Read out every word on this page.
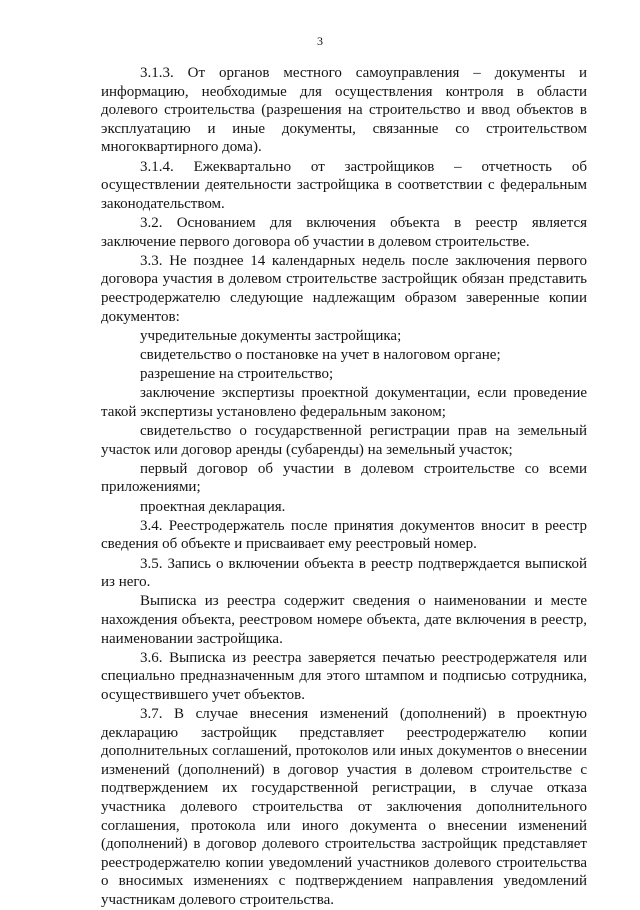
3

3.1.3. От органов местного самоуправления – документы и информацию, необходимые для осуществления контроля в области долевого строительства (разрешения на строительство и ввод объектов в эксплуатацию и иные документы, связанные со строительством многоквартирного дома).

3.1.4. Ежеквартально от застройщиков – отчетность об осуществлении деятельности застройщика в соответствии с федеральным законодательством.

3.2. Основанием для включения объекта в реестр является заключение первого договора об участии в долевом строительстве.

3.3. Не позднее 14 календарных недель после заключения первого договора участия в долевом строительстве застройщик обязан представить реестродержателю следующие надлежащим образом заверенные копии документов:

учредительные документы застройщика;

свидетельство о постановке на учет в налоговом органе;

разрешение на строительство;

заключение экспертизы проектной документации, если проведение такой экспертизы установлено федеральным законом;

свидетельство о государственной регистрации прав на земельный участок или договор аренды (субаренды) на земельный участок;

первый договор об участии в долевом строительстве со всеми приложениями;

проектная декларация.

3.4. Реестродержатель после принятия документов вносит в реестр сведения об объекте и присваивает ему реестровый номер.

3.5. Запись о включении объекта в реестр подтверждается выпиской из него.

Выписка из реестра содержит сведения о наименовании и месте нахождения объекта, реестровом номере объекта, дате включения в реестр, наименовании застройщика.

3.6. Выписка из реестра заверяется печатью реестродержателя или специально предназначенным для этого штампом и подписью сотрудника, осуществившего учет объектов.

3.7. В случае внесения изменений (дополнений) в проектную декларацию застройщик представляет реестродержателю копии дополнительных соглашений, протоколов или иных документов о внесении изменений (дополнений) в договор участия в долевом строительстве с подтверждением их государственной регистрации, в случае отказа участника долевого строительства от заключения дополнительного соглашения, протокола или иного документа о внесении изменений (дополнений) в договор долевого строительства застройщик представляет реестродержателю копии уведомлений участников долевого строительства о вносимых изменениях с подтверждением направления уведомлений участникам долевого строительства.
